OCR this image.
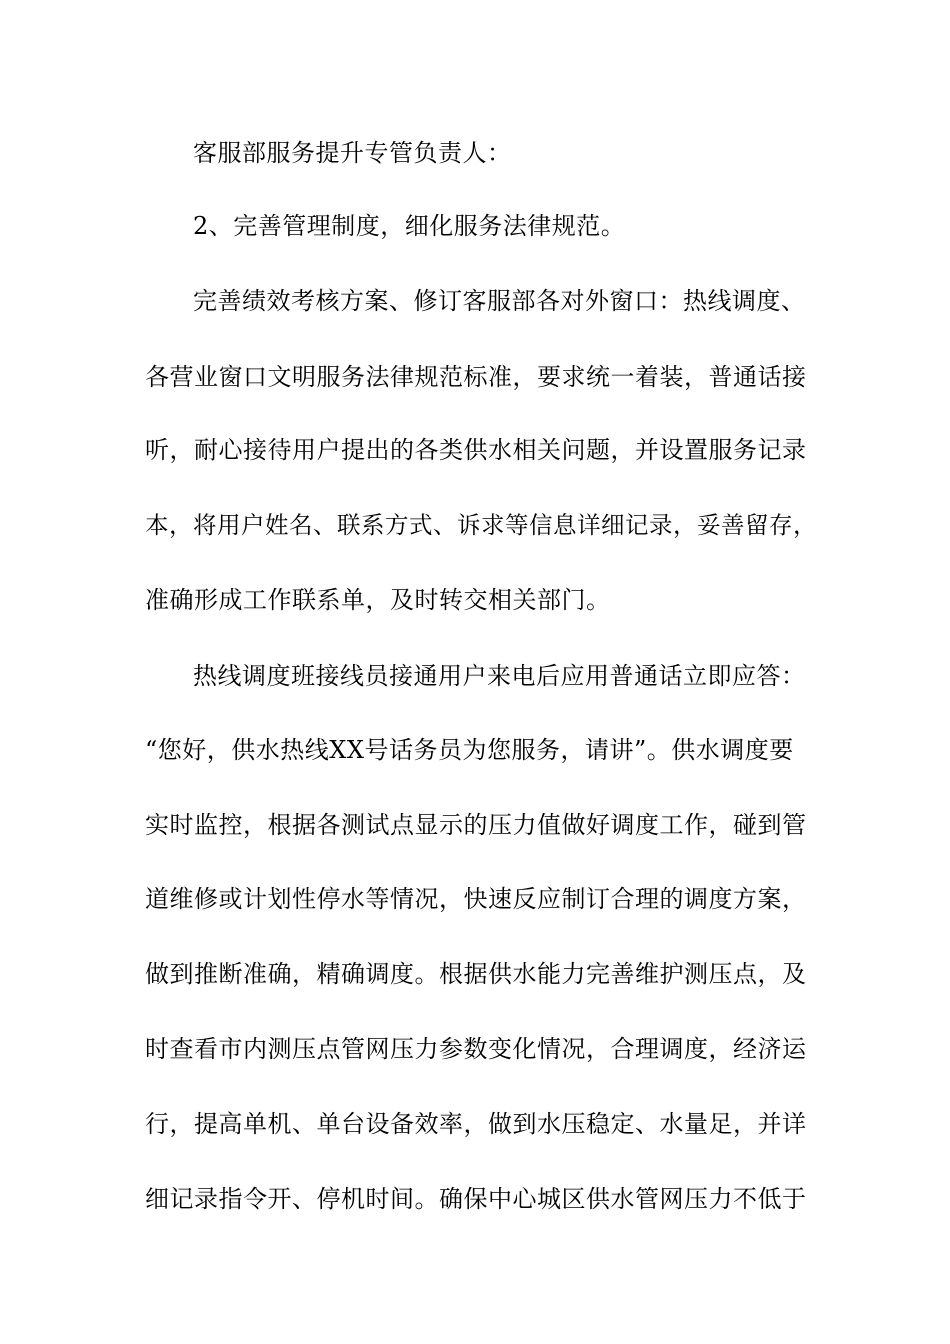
客服部服务提升专管负责人：
2、完善管理制度，细化服务法律规范。
完善绩效考核方案、修订客服部各对外窗口：热线调度、
各营业窗口文明服务法律规范标准，要求统一着装，普通话接
听，耐心接待用户提出的各类供水相关问题，并设置服务记录
本，将用户姓名、联系方式、诉求等信息详细记录，妥善留存，
准确形成工作联系单，及时转交相关部门。
热线调度班接线员接通用户来电后应用普通话立即应答：
“您好，供水热线XX号话务员为您服务，请讲”。供水调度要
实时监控，根据各测试点显示的压力值做好调度工作，碰到管
道维修或计划性停水等情况，快速反应制订合理的调度方案，
做到推断准确，精确调度。根据供水能力完善维护测压点，及
时查看市内测压点管网压力参数变化情况，合理调度，经济运
行，提高单机、单台设备效率，做到水压稳定、水量足，并详
细记录指令开、停机时间。确保中心城区供水管网压力不低于
